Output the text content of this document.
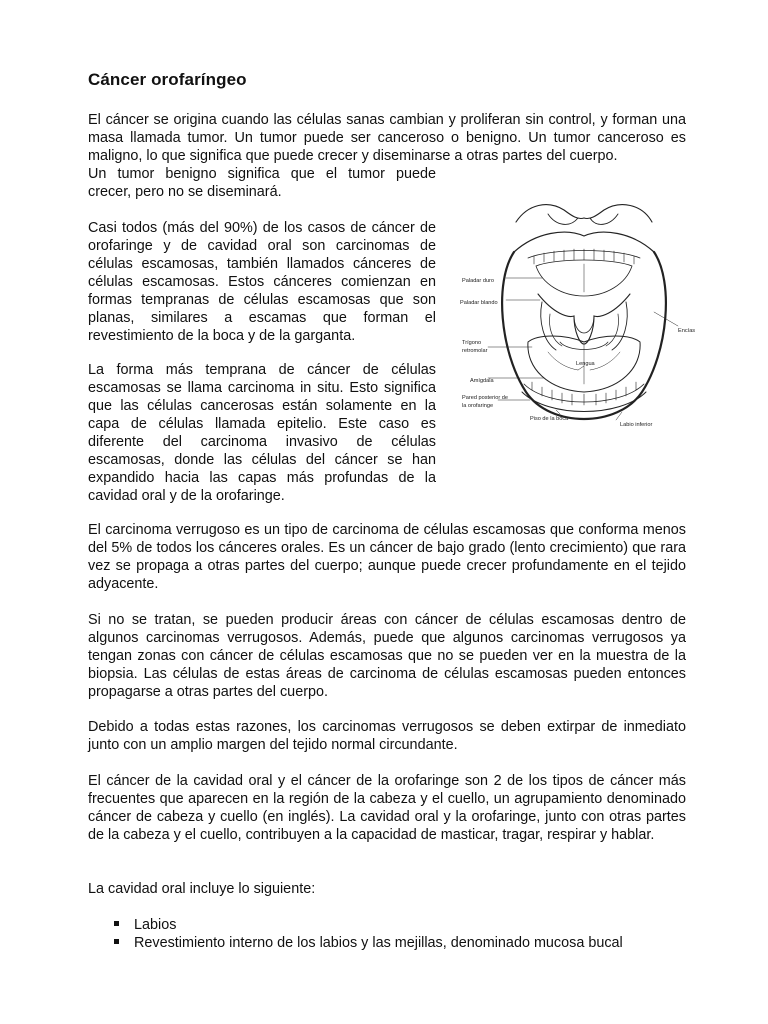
Cáncer orofaríngeo
El cáncer se origina cuando las células sanas cambian y proliferan sin control, y forman una masa llamada tumor. Un tumor puede ser canceroso o benigno. Un tumor canceroso es maligno, lo que significa que puede crecer y diseminarse a otras partes del cuerpo.
Un tumor benigno significa que el tumor puede
crecer, pero no se diseminará.

Casi todos (más del 90%) de los casos de cáncer de orofaringe y de cavidad oral son carcinomas de células escamosas, también llamados cánceres de células escamosas. Estos cánceres comienzan en formas tempranas de células escamosas que son planas, similares a escamas que forman el revestimiento de la boca y de la garganta.

La forma más temprana de cáncer de células escamosas se llama carcinoma in situ. Esto significa que las células cancerosas están solamente en la capa de células llamada epitelio. Este caso es diferente del carcinoma invasivo de células escamosas, donde las células del cáncer se han expandido hacia las capas más profundas de la cavidad oral y de la orofaringe.

El carcinoma verrugoso es un tipo de carcinoma de células escamosas que conforma menos del 5% de todos los cánceres orales. Es un cáncer de bajo grado (lento crecimiento) que rara vez se propaga a otras partes del cuerpo; aunque puede crecer profundamente en el tejido adyacente.

Si no se tratan, se pueden producir áreas con cáncer de células escamosas dentro de algunos carcinomas verrugosos. Además, puede que algunos carcinomas verrugosos ya tengan zonas con cáncer de células escamosas que no se pueden ver en la muestra de la biopsia. Las células de estas áreas de carcinoma de células escamosas pueden entonces propagarse a otras partes del cuerpo.

Debido a todas estas razones, los carcinomas verrugosos se deben extirpar de inmediato junto con un amplio margen del tejido normal circundante.

El cáncer de la cavidad oral y el cáncer de la orofaringe son 2 de los tipos de cáncer más frecuentes que aparecen en la región de la cabeza y el cuello, un agrupamiento denominado cáncer de cabeza y cuello (en inglés). La cavidad oral y la orofaringe, junto con otras partes de la cabeza y el cuello, contribuyen a la capacidad de masticar, tragar, respirar y hablar.

La cavidad oral incluye lo siguiente:

Labios
Revestimiento interno de los labios y las mejillas, denominado mucosa bucal
Paladar duro
Paladar blando
Encías
Trígono
retromolar
Lengua
Amígdala
Pared posterior de
la orofaringe
Piso de la boca
Labio inferior
